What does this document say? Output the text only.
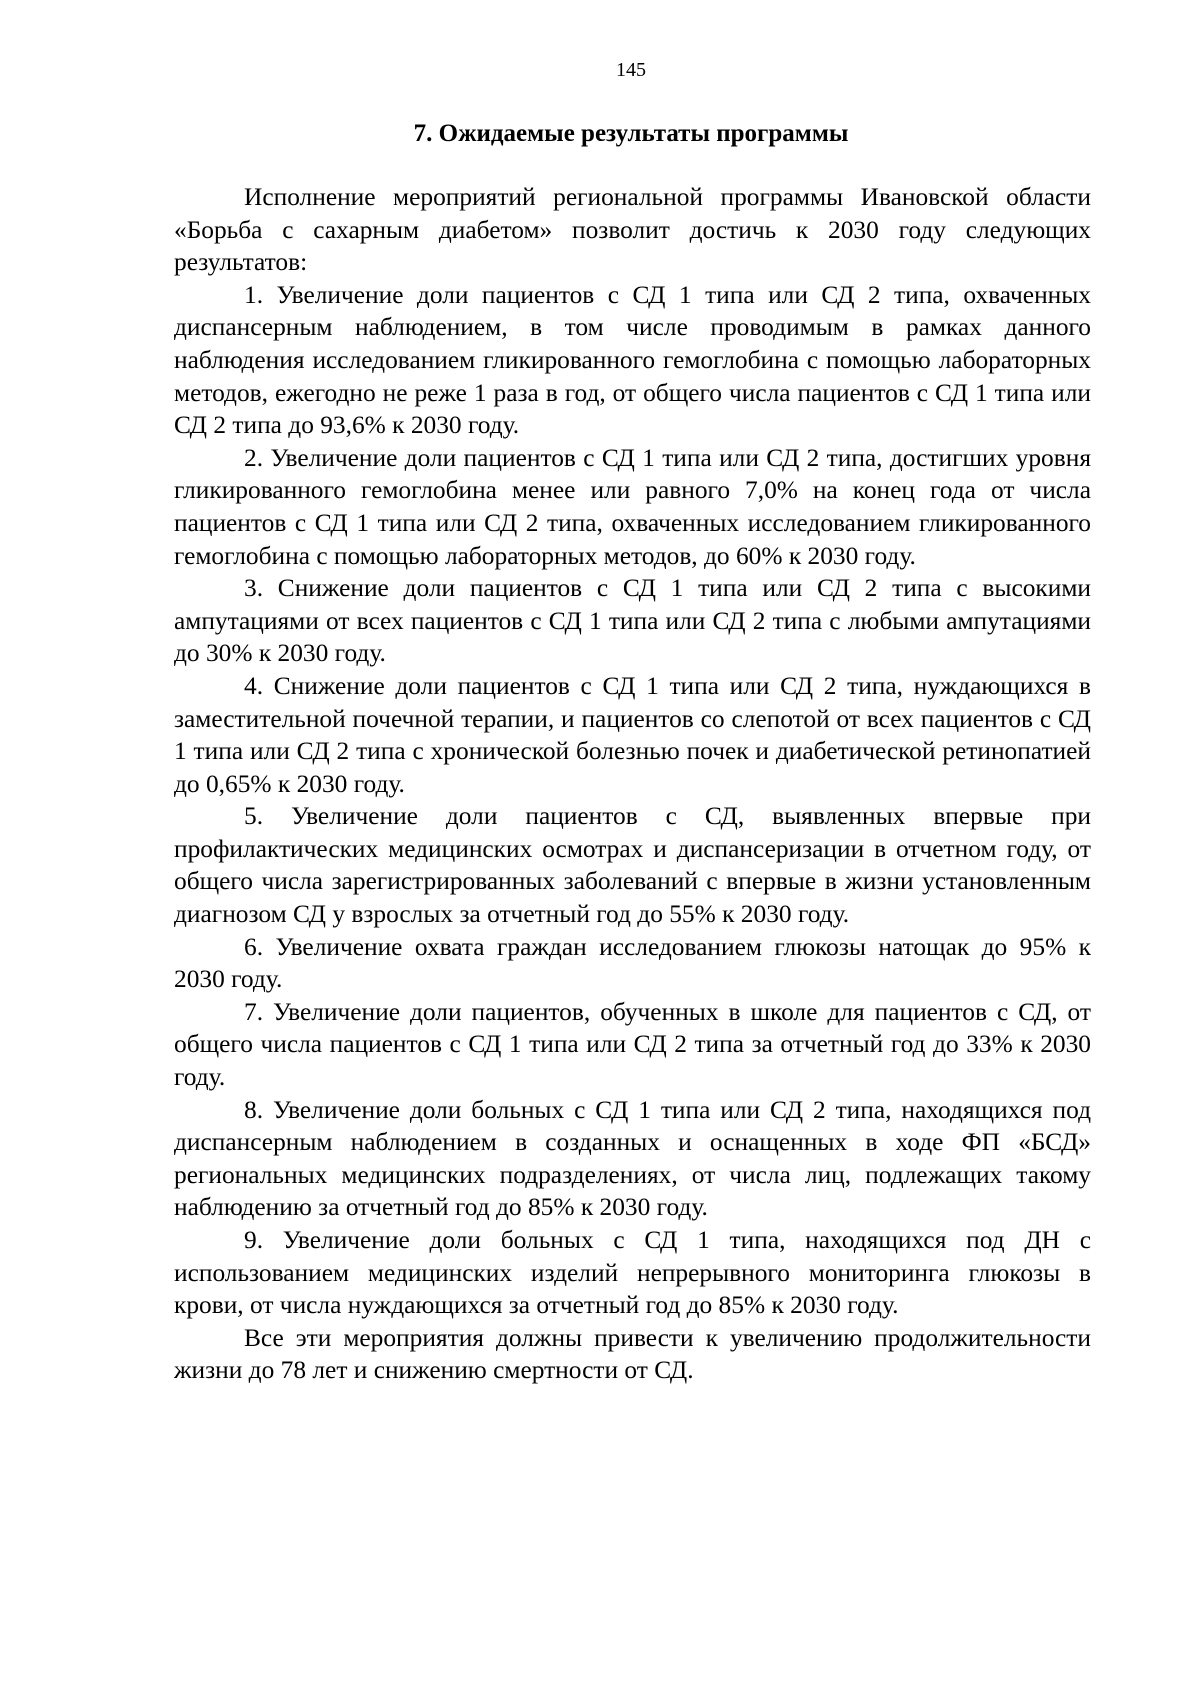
145
7. Ожидаемые результаты программы

Исполнение мероприятий региональной программы Ивановской области «Борьба с сахарным диабетом» позволит достичь к 2030 году следующих результатов:

1. Увеличение доли пациентов с СД 1 типа или СД 2 типа, охваченных диспансерным наблюдением, в том числе проводимым в рамках данного наблюдения исследованием гликированного гемоглобина с помощью лабораторных методов, ежегодно не реже 1 раза в год, от общего числа пациентов с СД 1 типа или СД 2 типа до 93,6% к 2030 году.

2. Увеличение доли пациентов с СД 1 типа или СД 2 типа, достигших уровня гликированного гемоглобина менее или равного 7,0% на конец года от числа пациентов с СД 1 типа или СД 2 типа, охваченных исследованием гликированного гемоглобина с помощью лабораторных методов, до 60% к 2030 году.

3. Снижение доли пациентов с СД 1 типа или СД 2 типа с высокими ампутациями от всех пациентов с СД 1 типа или СД 2 типа с любыми ампутациями до 30% к 2030 году.

4. Снижение доли пациентов с СД 1 типа или СД 2 типа, нуждающихся в заместительной почечной терапии, и пациентов со слепотой от всех пациентов с СД 1 типа или СД 2 типа с хронической болезнью почек и диабетической ретинопатией до 0,65% к 2030 году.

5. Увеличение доли пациентов с СД, выявленных впервые при профилактических медицинских осмотрах и диспансеризации в отчетном году, от общего числа зарегистрированных заболеваний с впервые в жизни установленным диагнозом СД у взрослых за отчетный год до 55% к 2030 году.

6. Увеличение охвата граждан исследованием глюкозы натощак до 95% к 2030 году.

7. Увеличение доли пациентов, обученных в школе для пациентов с СД, от общего числа пациентов с СД 1 типа или СД 2 типа за отчетный год до 33% к 2030 году.

8. Увеличение доли больных с СД 1 типа или СД 2 типа, находящихся под диспансерным наблюдением в созданных и оснащенных в ходе ФП «БСД» региональных медицинских подразделениях, от числа лиц, подлежащих такому наблюдению за отчетный год до 85% к 2030 году.

9. Увеличение доли больных с СД 1 типа, находящихся под ДН с использованием медицинских изделий непрерывного мониторинга глюкозы в крови, от числа нуждающихся за отчетный год до 85% к 2030 году.

Все эти мероприятия должны привести к увеличению продолжительности жизни до 78 лет и снижению смертности от СД.
